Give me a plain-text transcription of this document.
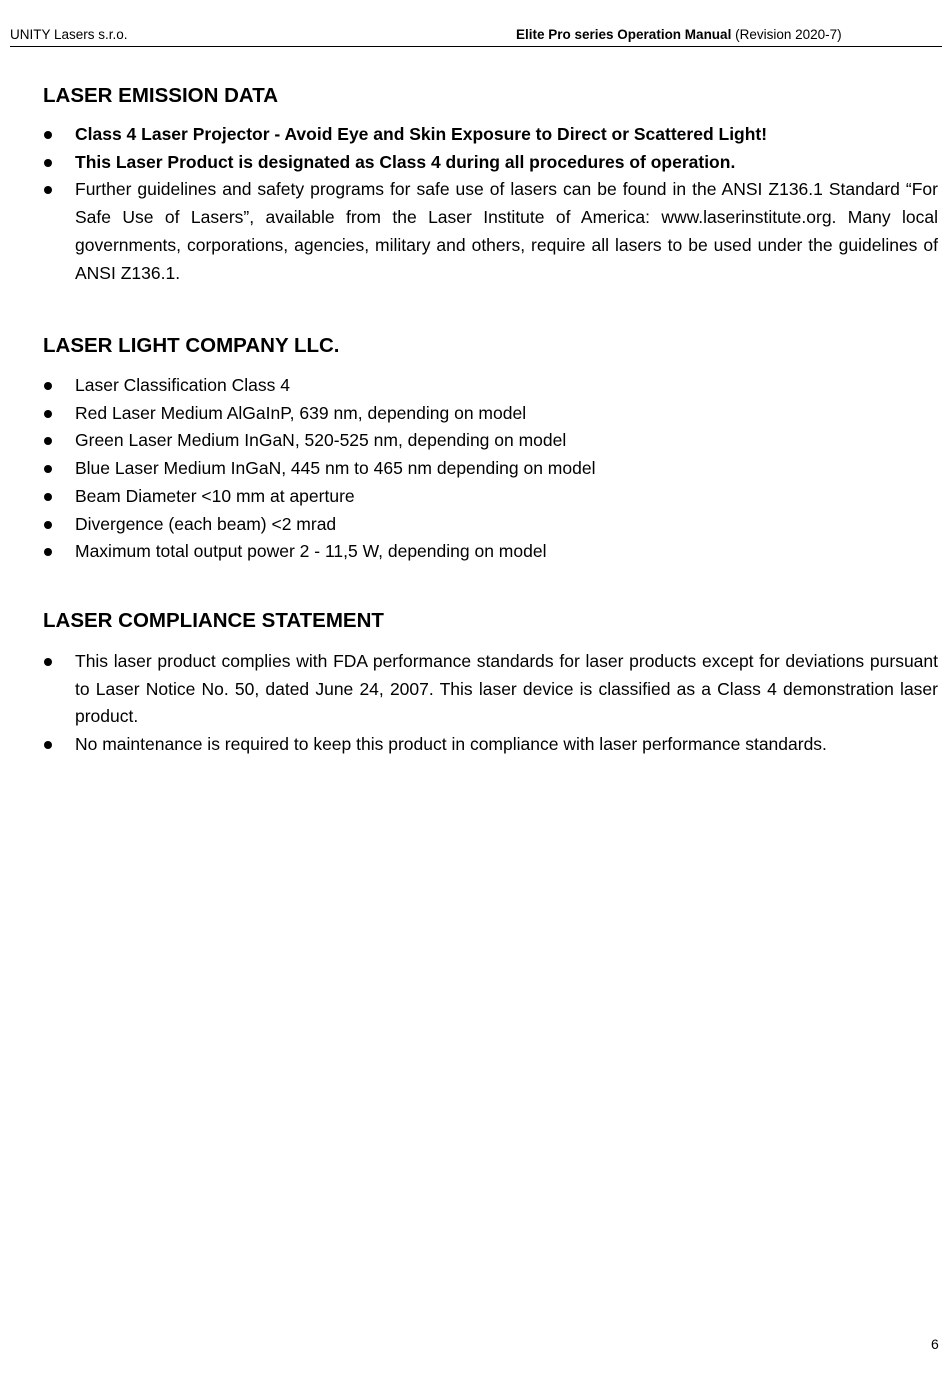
UNITY Lasers s.r.o.	Elite Pro series Operation Manual (Revision 2020-7)
LASER EMISSION DATA
Class 4 Laser Projector - Avoid Eye and Skin Exposure to Direct or Scattered Light!
This Laser Product is designated as Class 4 during all procedures of operation.
Further guidelines and safety programs for safe use of lasers can be found in the ANSI Z136.1 Standard “For Safe Use of Lasers”, available from the Laser Institute of America: www.laserinstitute.org. Many local governments, corporations, agencies, military and others, require all lasers to be used under the guidelines of ANSI Z136.1.
LASER LIGHT COMPANY LLC.
Laser Classification Class 4
Red Laser Medium AlGaInP, 639 nm, depending on model
Green Laser Medium InGaN, 520-525 nm, depending on model
Blue Laser Medium InGaN, 445 nm to 465 nm depending on model
Beam Diameter <10 mm at aperture
Divergence (each beam) <2 mrad
Maximum total output power 2 - 11,5 W, depending on model
LASER COMPLIANCE STATEMENT
This laser product complies with FDA performance standards for laser products except for deviations pursuant to Laser Notice No. 50, dated June 24, 2007. This laser device is classified as a Class 4 demonstration laser product.
No maintenance is required to keep this product in compliance with laser performance standards.
6
